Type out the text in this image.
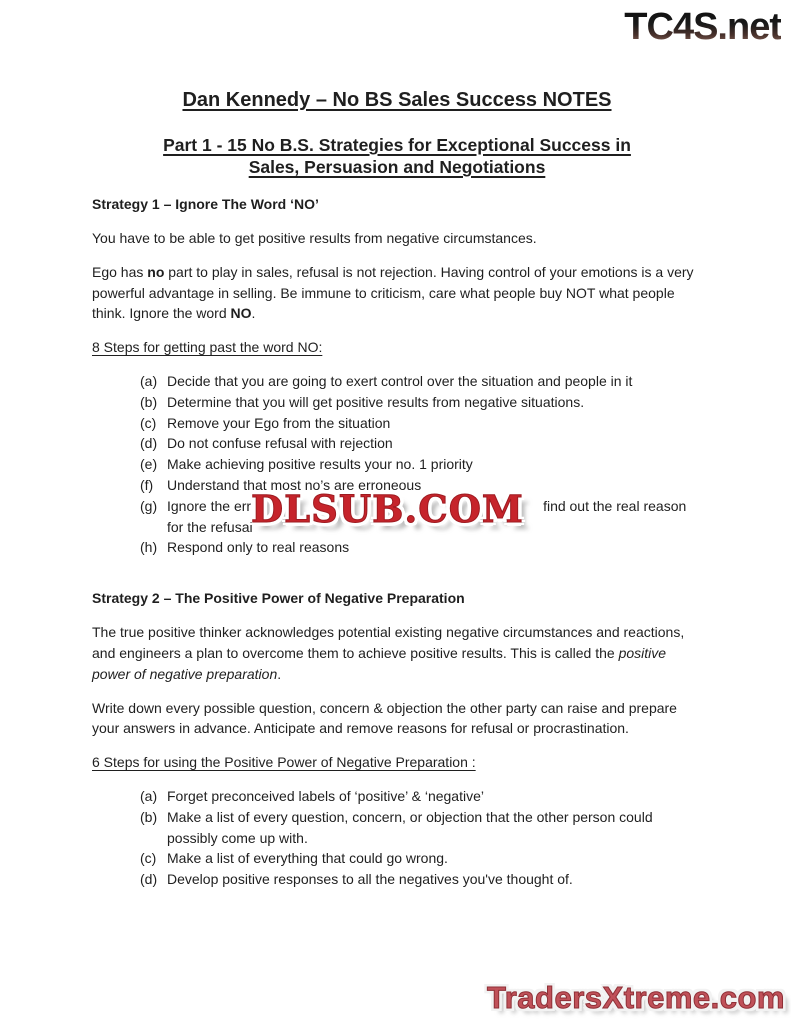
TC4S.net
DLSUB.COM
Dan Kennedy – No BS Sales Success NOTES
Part 1 - 15 No B.S. Strategies for Exceptional Success in
Sales, Persuasion and Negotiations
Strategy 1 – Ignore The Word ‘NO’

You have to be able to get positive results from negative circumstances.

Ego has no part to play in sales, refusal is not rejection. Having control of your emotions is a very powerful advantage in selling. Be immune to criticism, care what people buy NOT what people think. Ignore the word NO.

8 Steps for getting past the word NO:

(a) Decide that you are going to exert control over the situation and people in it
(b) Determine that you will get positive results from negative situations.
(c) Remove your Ego from the situation
(d) Do not confuse refusal with rejection
(e) Make achieving positive results your no. 1 priority
(f) Understand that most no’s are erroneous
(g) Ignore the err	find out the real reason
for the refusal
(h) Respond only to real reasons
Strategy 2 – The Positive Power of Negative Preparation

The true positive thinker acknowledges potential existing negative circumstances and reactions, and engineers a plan to overcome them to achieve positive results. This is called the positive power of negative preparation.

Write down every possible question, concern & objection the other party can raise and prepare your answers in advance. Anticipate and remove reasons for refusal or procrastination.

6 Steps for using the Positive Power of Negative Preparation :

(a) Forget preconceived labels of ‘positive’ & ‘negative’
(b) Make a list of every question, concern, or objection that the other person could possibly come up with.
(c) Make a list of everything that could go wrong.
(d) Develop positive responses to all the negatives you've thought of.
TradersXtreme.com
